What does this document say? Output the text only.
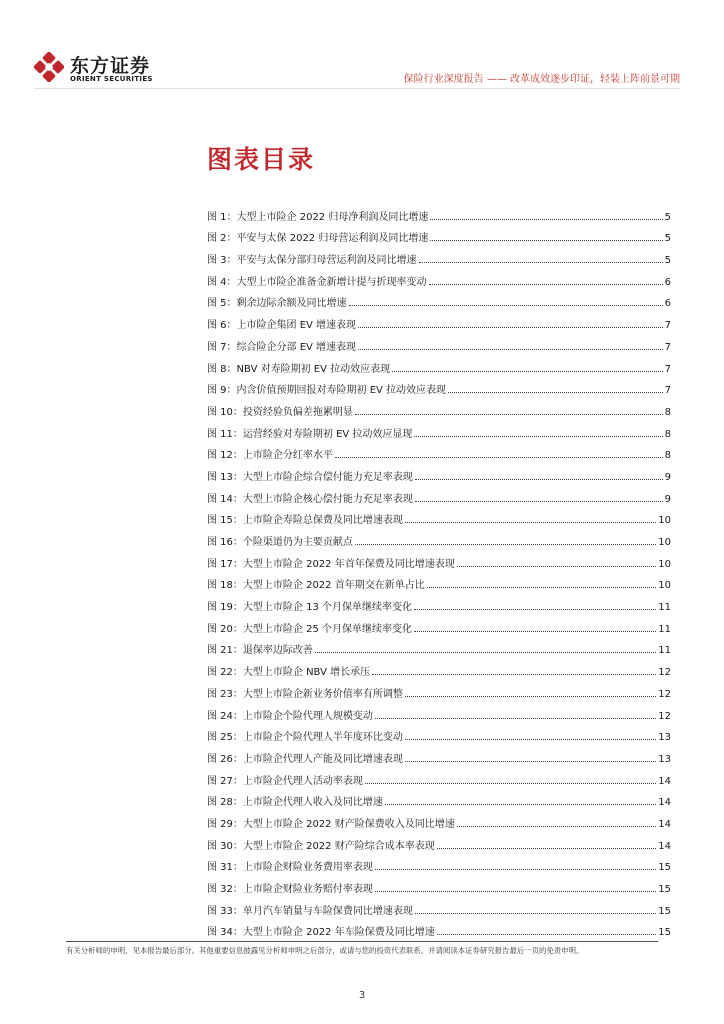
东方证券
ORIENT SECURITIES	保险行业深度报告 —— 改革成效逐步印证，轻装上阵前景可期
图表目录
图 1：大型上市险企 2022 归母净利润及同比增速	5
图 2：平安与太保 2022 归母营运利润及同比增速	5
图 3：平安与太保分部归母营运利润及同比增速	5
图 4：大型上市险企准备金新增计提与折现率变动	6
图 5：剩余边际余额及同比增速	6
图 6：上市险企集团 EV 增速表现	7
图 7：综合险企分部 EV 增速表现	7
图 8：NBV 对寿险期初 EV 拉动效应表现	7
图 9：内含价值预期回报对寿险期初 EV 拉动效应表现	7
图 10：投资经验负偏差拖累明显	8
图 11：运营经验对寿险期初 EV 拉动效应显现	8
图 12：上市险企分红率水平	8
图 13：大型上市险企综合偿付能力充足率表现	9
图 14：大型上市险企核心偿付能力充足率表现	9
图 15：上市险企寿险总保费及同比增速表现	10
图 16：个险渠道仍为主要贡献点	10
图 17：大型上市险企 2022 年首年保费及同比增速表现	10
图 18：大型上市险企 2022 首年期交在新单占比	10
图 19：大型上市险企 13 个月保单继续率变化	11
图 20：大型上市险企 25 个月保单继续率变化	11
图 21：退保率边际改善	11
图 22：大型上市险企 NBV 增长承压	12
图 23：大型上市险企新业务价值率有所调整	12
图 24：上市险企个险代理人规模变动	12
图 25：上市险企个险代理人半年度环比变动	13
图 26：上市险企代理人产能及同比增速表现	13
图 27：上市险企代理人活动率表现	14
图 28：上市险企代理人收入及同比增速	14
图 29：大型上市险企 2022 财产险保费收入及同比增速	14
图 30：大型上市险企 2022 财产险综合成本率表现	14
图 31：上市险企财险业务费用率表现	15
图 32：上市险企财险业务赔付率表现	15
图 33：单月汽车销量与车险保费同比增速表现	15
图 34：大型上市险企 2022 年车险保费及同比增速	15
有关分析师的申明，见本报告最后部分。其他重要信息披露见分析师申明之后部分，或请与您的投资代表联系。并请阅读本证券研究报告最后一页的免责申明。
3
